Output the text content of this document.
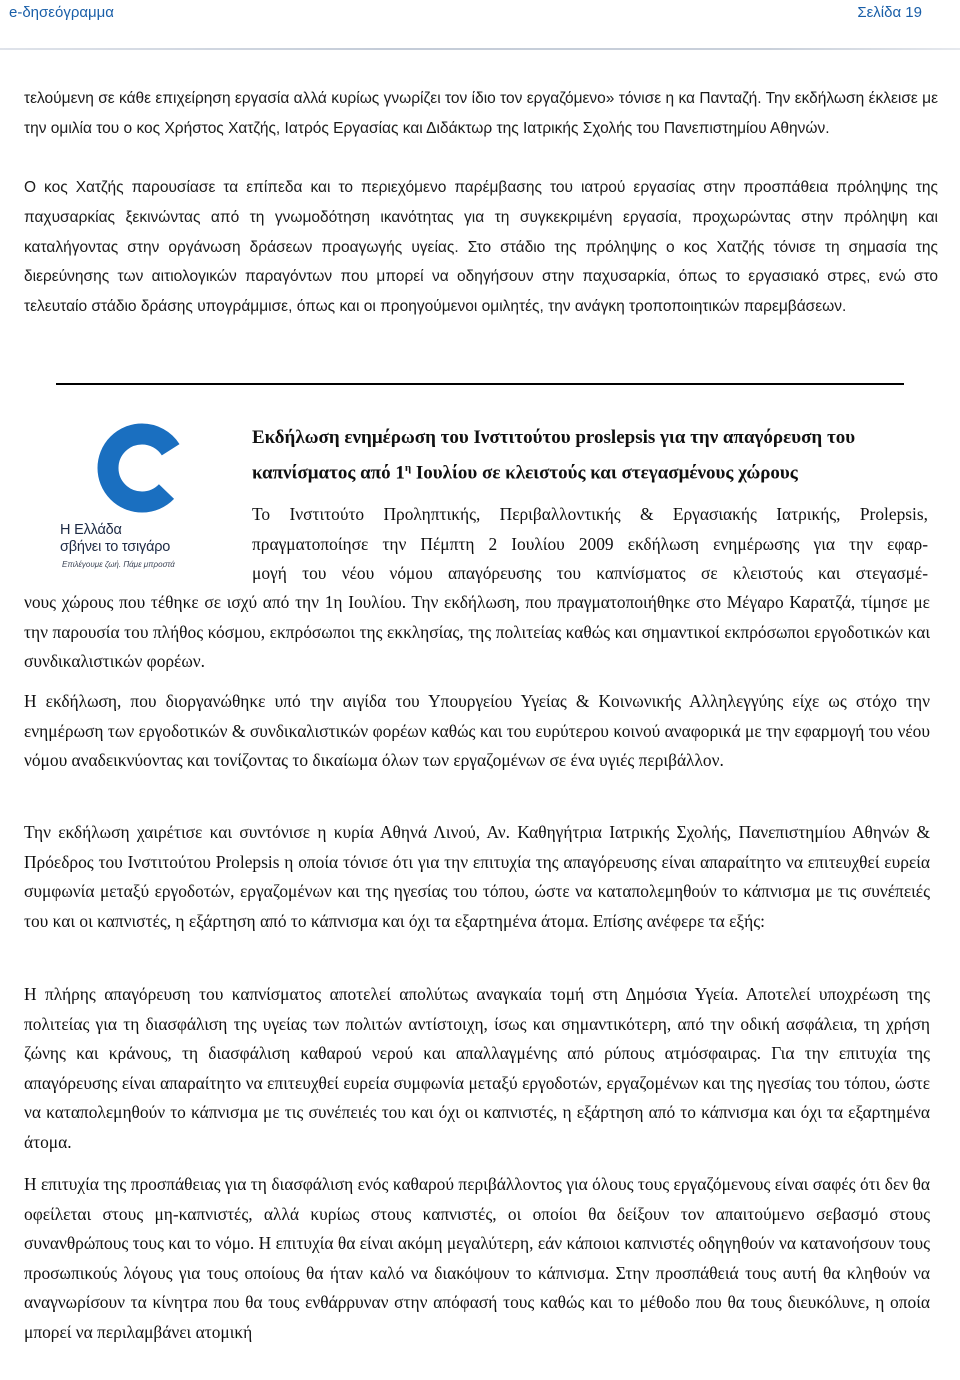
e-δησεόγραμμα	Σελίδα 19
τελούμενη σε κάθε επιχείρηση εργασία αλλά κυρίως γνωρίζει τον ίδιο τον εργαζόμενο» τόνισε η κα Πανταζή. Την εκδήλωση έκλεισε με την ομιλία του ο κος Χρήστος Χατζής, Ιατρός Εργασίας και Διδάκτωρ της Ιατρικής Σχολής του Πανεπιστημίου Αθηνών.
Ο κος Χατζής παρουσίασε τα επίπεδα και το περιεχόμενο παρέμβασης του ιατρού εργασίας στην προσπάθεια πρόληψης της παχυσαρκίας ξεκινώντας από τη γνωμοδότηση ικανότητας για τη συγκεκριμένη εργασία, προχωρώντας στην πρόληψη και καταλήγοντας στην οργάνωση δράσεων προαγωγής υγείας. Στο στάδιο της πρόληψης ο κος Χατζής τόνισε τη σημασία της διερεύνησης των αιτιολογικών παραγόντων που μπορεί να οδηγήσουν στην παχυσαρκία, όπως το εργασιακό στρες, ενώ στο τελευταίο στάδιο δράσης υπογράμμισε, όπως και οι προηγούμενοι ομιλητές, την ανάγκη τροποποιητικών παρεμβάσεων.
Η Ελλάδα
σβήνει το τσιγάρο
Επιλέγουμε ζωή. Πάμε μπροστά
Εκδήλωση ενημέρωση του Ινστιτούτου proslepsis για την απαγόρευση του καπνίσματος από $1^\eta$ Ιουλίου σε κλειστούς και στεγασμένους χώρους
Το Ινστιτούτο Προληπτικής, Περιβαλλοντικής & Εργασιακής Ιατρικής, Prolepsis,
πραγματοποίησε την Πέμπτη 2 Ιουλίου 2009 εκδήλωση ενημέρωσης για την εφαρ-
μογή του νέου νόμου απαγόρευσης του καπνίσματος σε κλειστούς και στεγασμέ-
νους χώρους που τέθηκε σε ισχύ από την 1η Ιουλίου. Την εκδήλωση, που πραγματοποιήθηκε στο Μέγαρο Καρατζά, τίμησε με την παρουσία του πλήθος κόσμου, εκπρόσωποι της εκκλησίας, της πολιτείας καθώς και σημαντικοί εκπρόσωποι εργοδοτικών και συνδικαλιστικών φορέων.
Η εκδήλωση, που διοργανώθηκε υπό την αιγίδα του Υπουργείου Υγείας & Κοινωνικής Αλληλεγγύης είχε ως στόχο την ενημέρωση των εργοδοτικών & συνδικαλιστικών φορέων καθώς και του ευρύτερου κοινού αναφορικά με την εφαρμογή του νέου νόμου αναδεικνύοντας και τονίζοντας το δικαίωμα όλων των εργαζομένων σε ένα υγιές περιβάλλον.
Την εκδήλωση χαιρέτισε και συντόνισε η κυρία Αθηνά Λινού, Αν. Καθηγήτρια Ιατρικής Σχολής, Πανεπιστημίου Αθηνών & Πρόεδρος του Ινστιτούτου Prolepsis η οποία τόνισε ότι για την επιτυχία της απαγόρευσης είναι απαραίτητο να επιτευχθεί ευρεία συμφωνία μεταξύ εργοδοτών, εργαζομένων και της ηγεσίας του τόπου, ώστε να καταπολεμηθούν το κάπνισμα με τις συνέπειές του και οι καπνιστές, η εξάρτηση από το κάπνισμα και όχι τα εξαρτημένα άτομα. Επίσης ανέφερε τα εξής:
Η πλήρης απαγόρευση του καπνίσματος αποτελεί απολύτως αναγκαία τομή στη Δημόσια Υγεία. Αποτελεί υποχρέωση της πολιτείας για τη διασφάλιση της υγείας των πολιτών αντίστοιχη, ίσως και σημαντικότερη, από την οδική ασφάλεια, τη χρήση ζώνης και κράνους, τη διασφάλιση καθαρού νερού και απαλλαγμένης από ρύπους ατμόσφαιρας. Για την επιτυχία της απαγόρευσης είναι απαραίτητο να επιτευχθεί ευρεία συμφωνία μεταξύ εργοδοτών, εργαζομένων και της ηγεσίας του τόπου, ώστε να καταπολεμηθούν το κάπνισμα με τις συνέπειές του και όχι οι καπνιστές, η εξάρτηση από το κάπνισμα και όχι τα εξαρτημένα άτομα.
Η επιτυχία της προσπάθειας για τη διασφάλιση ενός καθαρού περιβάλλοντος για όλους τους εργαζόμενους είναι σαφές ότι δεν θα οφείλεται στους μη-καπνιστές, αλλά κυρίως στους καπνιστές, οι οποίοι θα δείξουν τον απαιτούμενο σεβασμό στους συνανθρώπους τους και το νόμο. Η επιτυχία θα είναι ακόμη μεγαλύτερη, εάν κάποιοι καπνιστές οδηγηθούν να κατανοήσουν τους προσωπικούς λόγους για τους οποίους θα ήταν καλό να διακόψουν το κάπνισμα. Στην προσπάθειά τους αυτή θα κληθούν να αναγνωρίσουν τα κίνητρα που θα τους ενθάρρυναν στην απόφασή τους καθώς και το μέθοδο που θα τους διευκόλυνε, η οποία μπορεί να περιλαμβάνει ατομική
